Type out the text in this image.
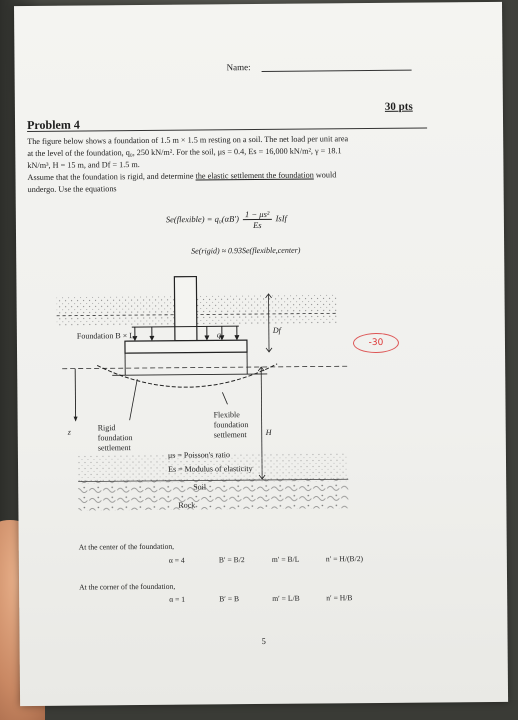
Name:
30 pts
Problem 4
The figure below shows a foundation of 1.5 m × 1.5 m resting on a soil. The net load per unit area
at the level of the foundation, q₀, 250 kN/m². For the soil, μs = 0.4, Es = 16,000 kN/m², γ = 18.1
kN/m³, H = 15 m, and Df = 1.5 m.
Assume that the foundation is rigid, and determine the elastic settlement the foundation would
undergo. Use the equations
Se(flexible) = $q_0(\alpha B') \frac{\text{1 − μs²}}{Es}$ IsIf
Se(rigid) ≈ 0.93Se(flexible,center)
Foundation B × L	q₀	Df
z	Rigid
foundation
settlement
Flexible
foundation
settlement H
μs = Poisson's ratio
Es = Modulus of elasticity
Soil
Rock
-30
At the center of the foundation,
α = 4	B′ = B/2	m′ = B/L	n′ = H/(B/2)
At the corner of the foundation,
α = 1	B′ = B	m′ = L/B	n′ = H/B
5
